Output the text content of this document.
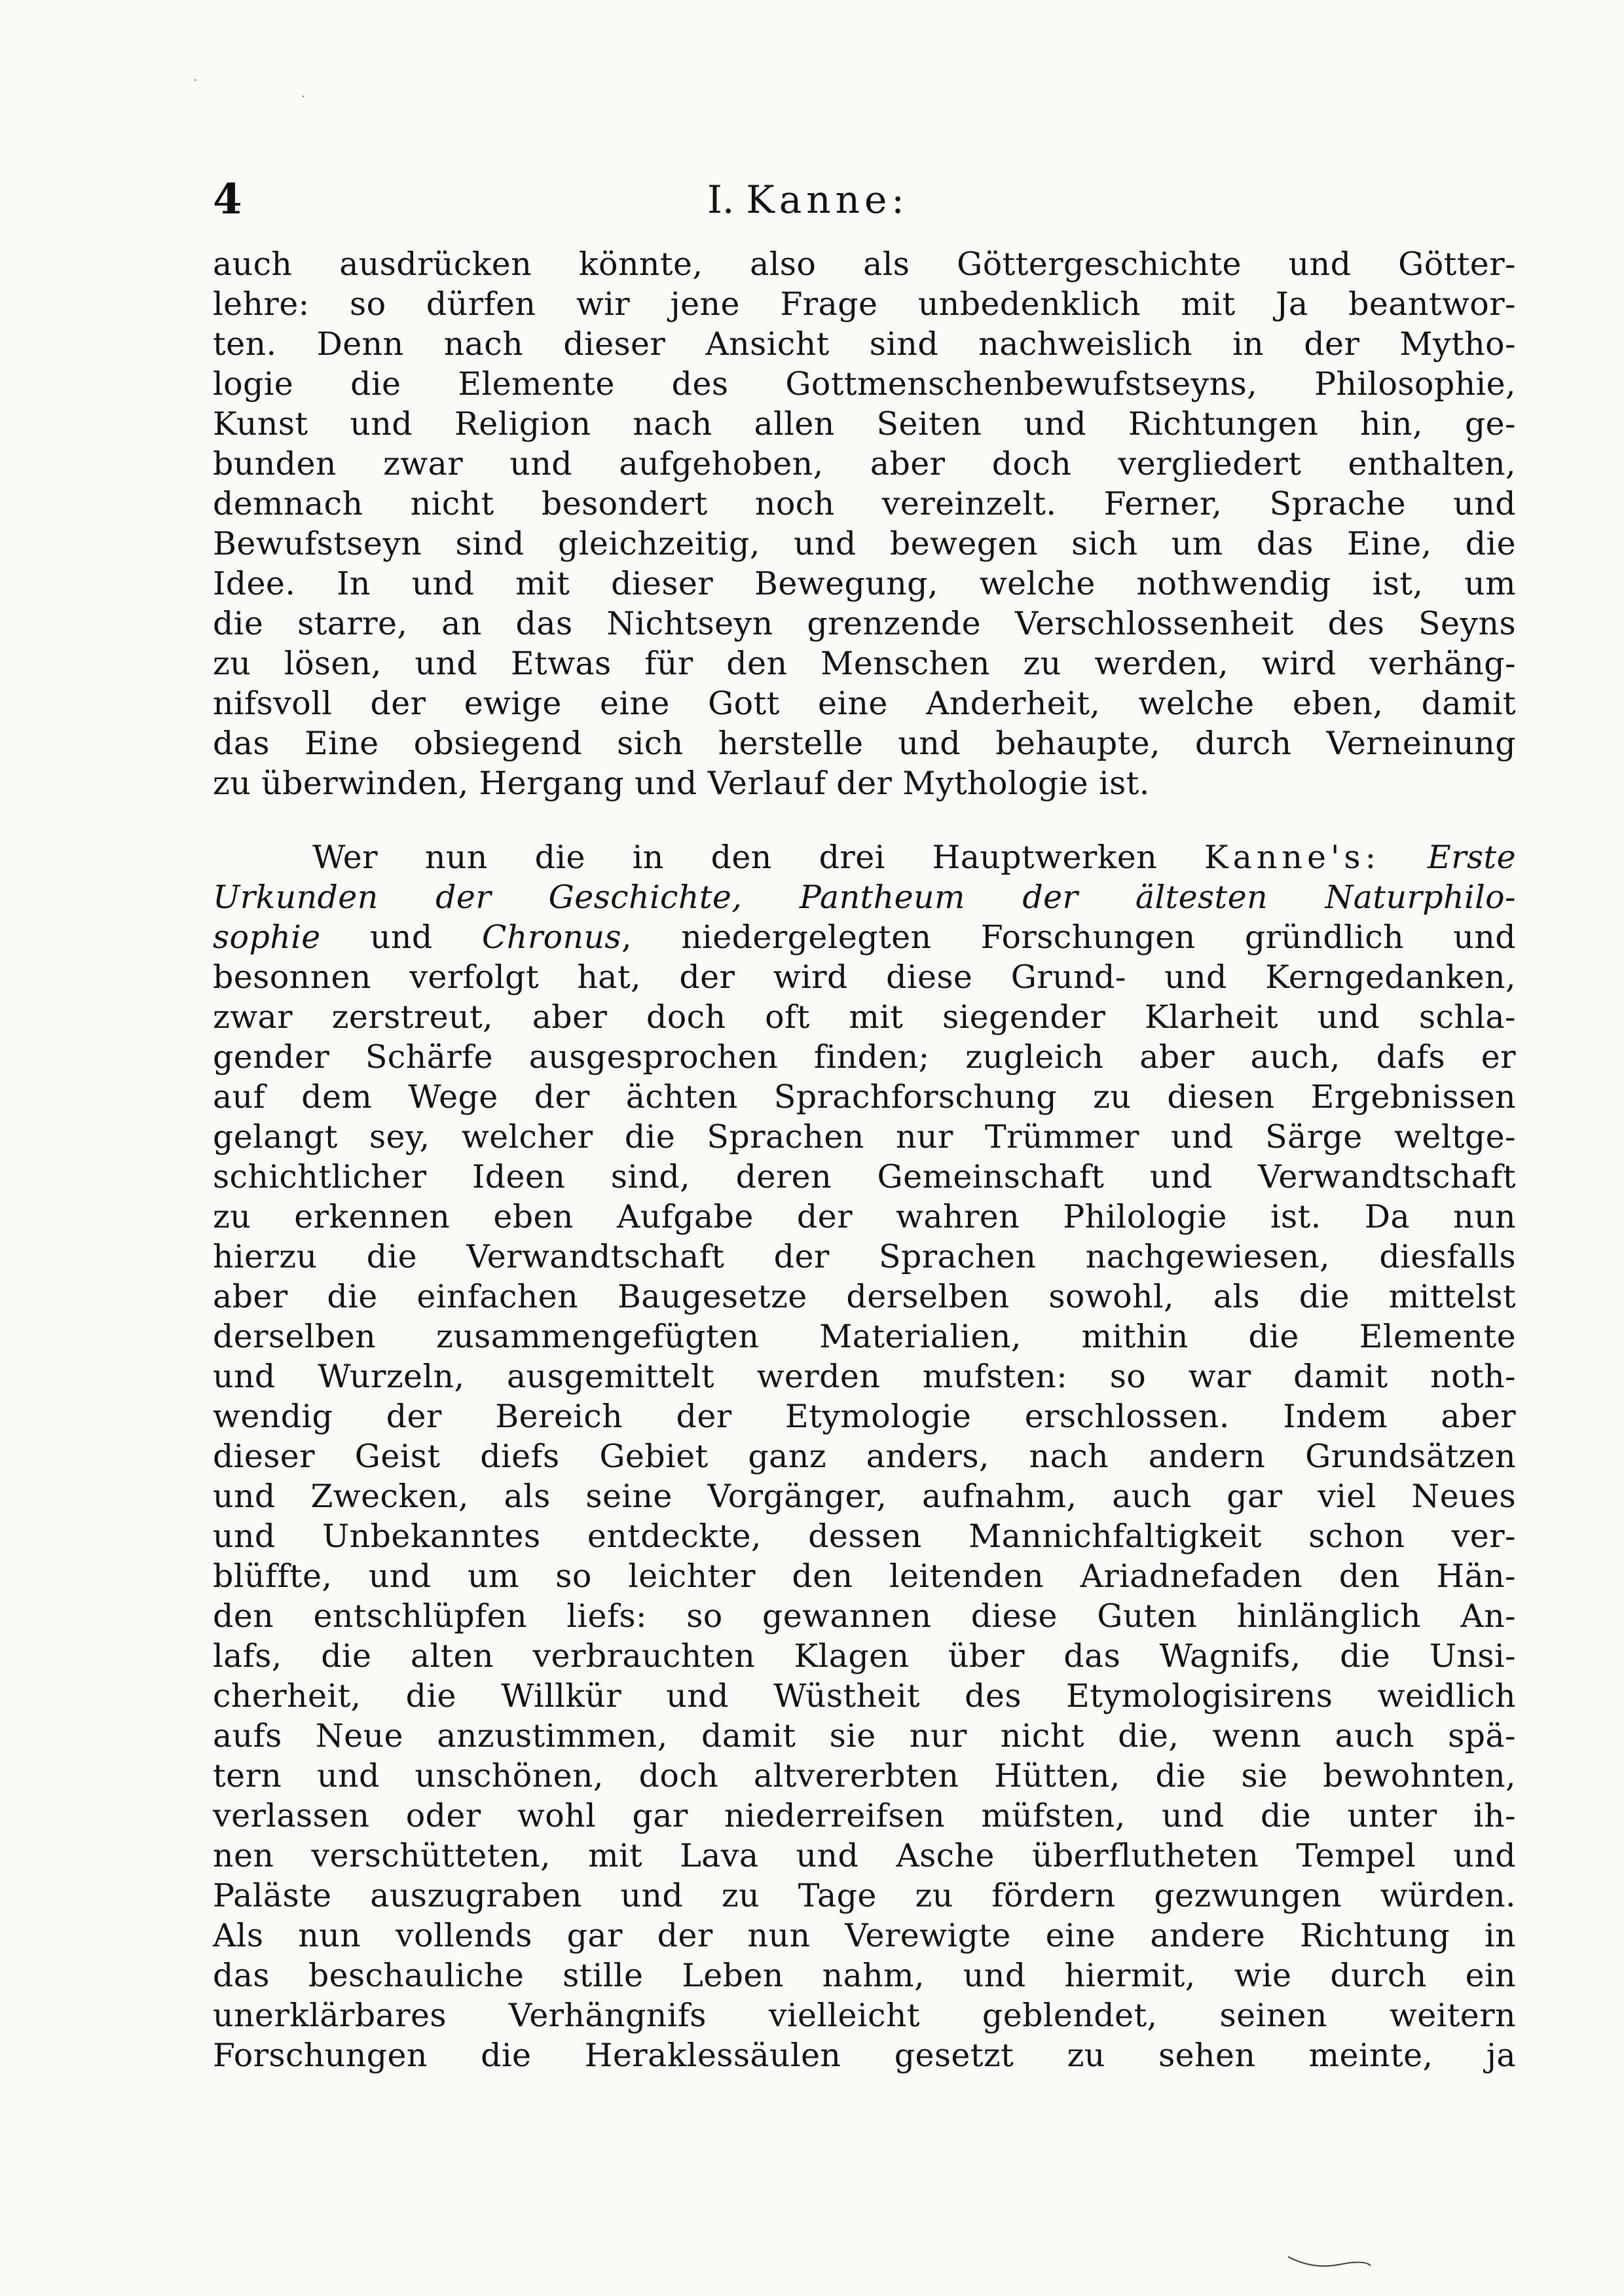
4	I. Kanne:
auch ausdrücken könnte, also als Göttergeschichte und Götter-
lehre: so dürfen wir jene Frage unbedenklich mit Ja beantwor-
ten. Denn nach dieser Ansicht sind nachweislich in der Mytho-
logie die Elemente des Gottmenschenbewufstseyns, Philosophie,
Kunst und Religion nach allen Seiten und Richtungen hin, ge-
bunden zwar und aufgehoben, aber doch vergliedert enthalten,
demnach nicht besondert noch vereinzelt. Ferner, Sprache und
Bewufstseyn sind gleichzeitig, und bewegen sich um das Eine, die
Idee. In und mit dieser Bewegung, welche nothwendig ist, um
die starre, an das Nichtseyn grenzende Verschlossenheit des Seyns
zu lösen, und Etwas für den Menschen zu werden, wird verhäng-
nifsvoll der ewige eine Gott eine Anderheit, welche eben, damit
das Eine obsiegend sich herstelle und behaupte, durch Verneinung
zu überwinden, Hergang und Verlauf der Mythologie ist.
Wer nun die in den drei Hauptwerken Kanne's: Erste
Urkunden der Geschichte, Pantheum der ältesten Naturphilo-
sophie und Chronus, niedergelegten Forschungen gründlich und
besonnen verfolgt hat, der wird diese Grund- und Kerngedanken,
zwar zerstreut, aber doch oft mit siegender Klarheit und schla-
gender Schärfe ausgesprochen finden; zugleich aber auch, dafs er
auf dem Wege der ächten Sprachforschung zu diesen Ergebnissen
gelangt sey, welcher die Sprachen nur Trümmer und Särge weltge-
schichtlicher Ideen sind, deren Gemeinschaft und Verwandtschaft
zu erkennen eben Aufgabe der wahren Philologie ist. Da nun
hierzu die Verwandtschaft der Sprachen nachgewiesen, diesfalls
aber die einfachen Baugesetze derselben sowohl, als die mittelst
derselben zusammengefügten Materialien, mithin die Elemente
und Wurzeln, ausgemittelt werden mufsten: so war damit noth-
wendig der Bereich der Etymologie erschlossen. Indem aber
dieser Geist diefs Gebiet ganz anders, nach andern Grundsätzen
und Zwecken, als seine Vorgänger, aufnahm, auch gar viel Neues
und Unbekanntes entdeckte, dessen Mannichfaltigkeit schon ver-
blüffte, und um so leichter den leitenden Ariadnefaden den Hän-
den entschlüpfen liefs: so gewannen diese Guten hinlänglich An-
lafs, die alten verbrauchten Klagen über das Wagnifs, die Unsi-
cherheit, die Willkür und Wüstheit des Etymologisirens weidlich
aufs Neue anzustimmen, damit sie nur nicht die, wenn auch spä-
tern und unschönen, doch altvererbten Hütten, die sie bewohnten,
verlassen oder wohl gar niederreifsen müfsten, und die unter ih-
nen verschütteten, mit Lava und Asche überflutheten Tempel und
Paläste auszugraben und zu Tage zu fördern gezwungen würden.
Als nun vollends gar der nun Verewigte eine andere Richtung in
das beschauliche stille Leben nahm, und hiermit, wie durch ein
unerklärbares Verhängnifs vielleicht geblendet, seinen weitern
Forschungen die Heraklessäulen gesetzt zu sehen meinte, ja
·
·
